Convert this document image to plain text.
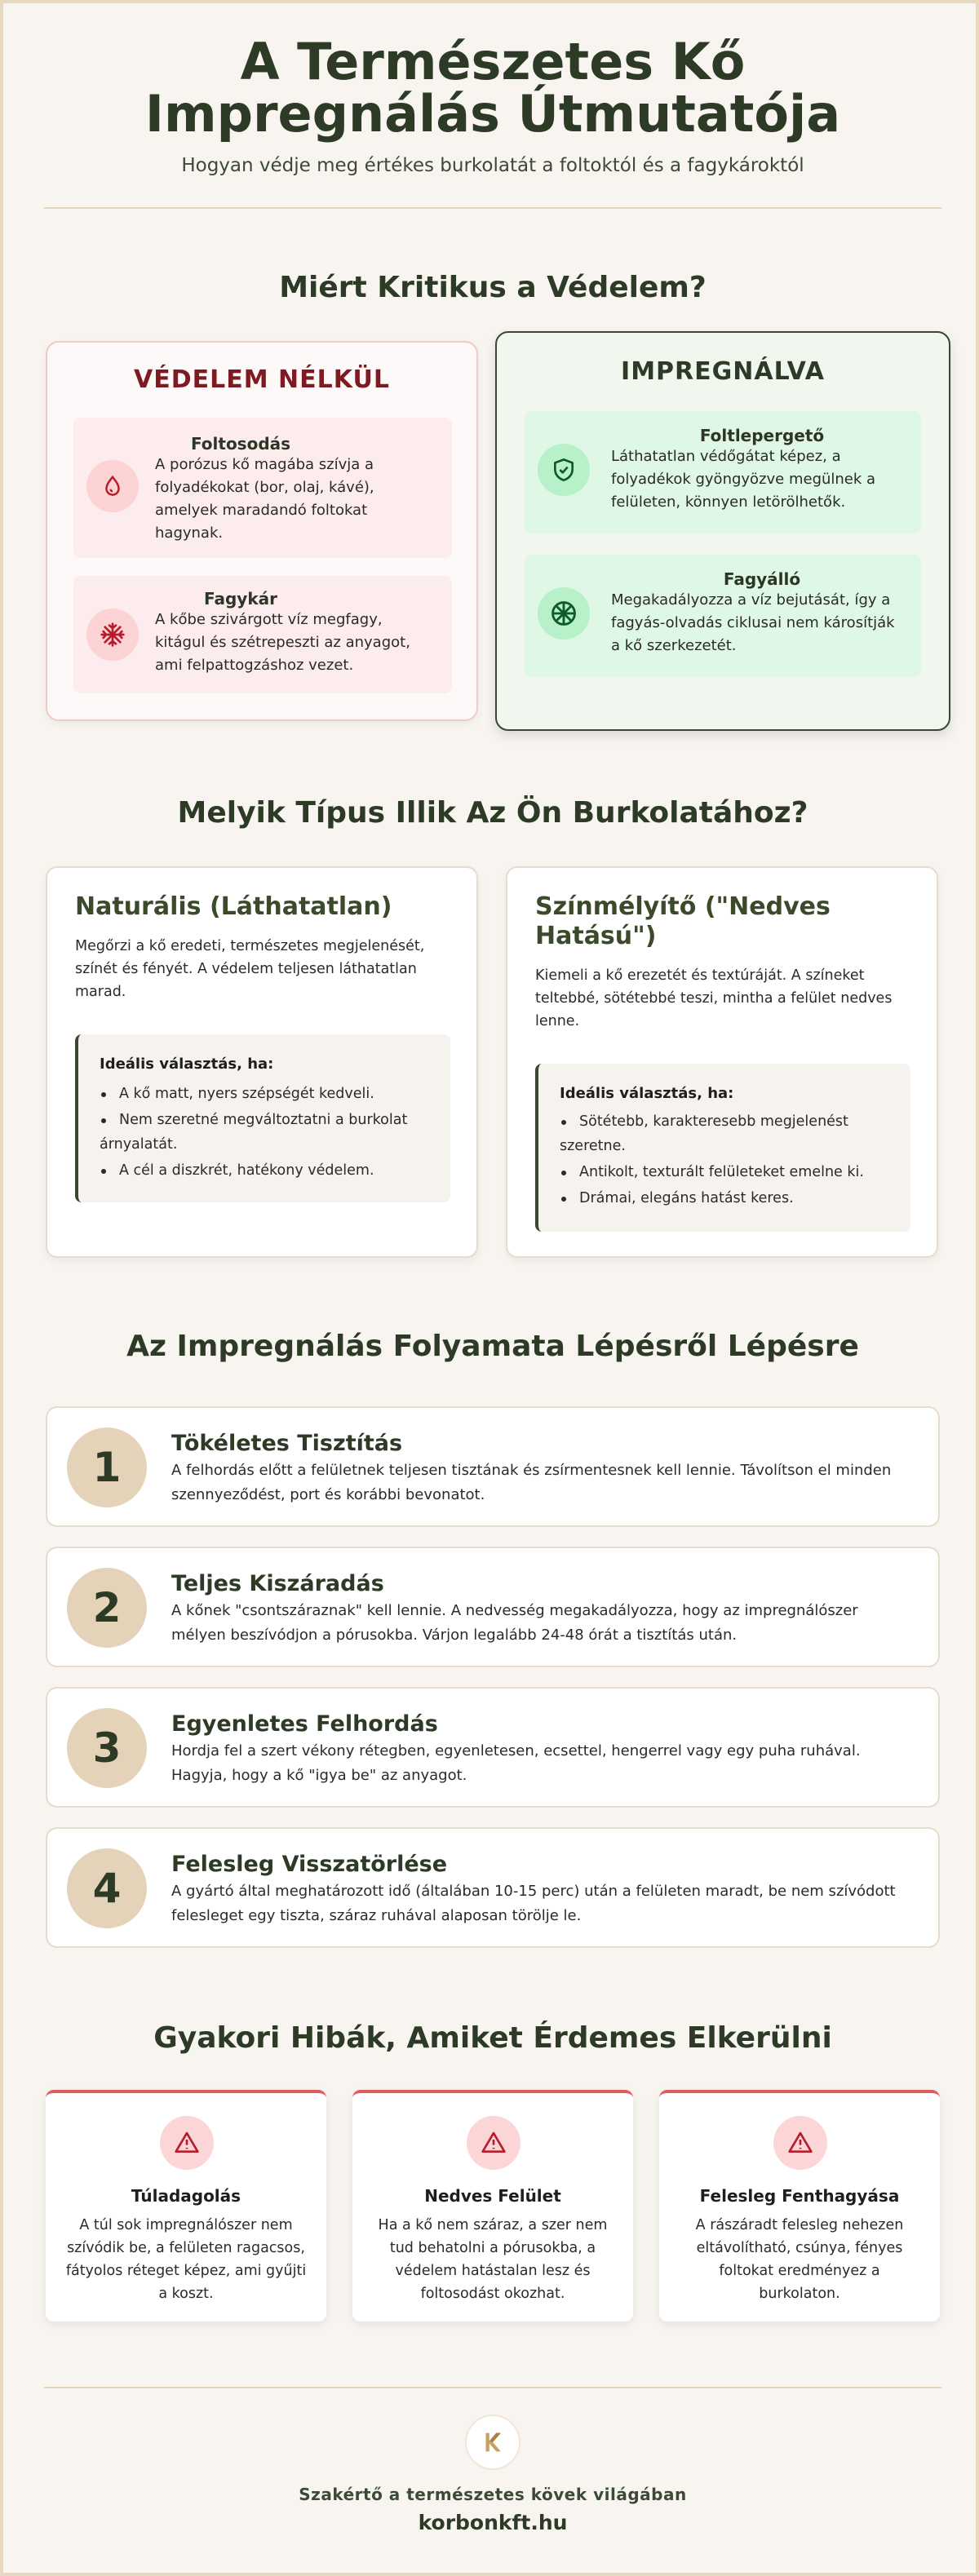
A Természetes Kő Impregnálás Útmutatója
Hogyan védje meg értékes burkolatát a foltoktól és a fagykároktól
Miért Kritikus a Védelem?
VÉDELEM NÉLKÜL
Foltosodás
A porózus kő magába szívja a folyadékokat (bor, olaj, kávé), amelyek maradandó foltokat hagynak.
Fagykár
A kőbe szivárgott víz megfagy, kitágul és szétrepeszti az anyagot, ami felpattogzáshoz vezet.
IMPREGNÁLVA
Foltlepergető
Láthatatlan védőgátat képez, a folyadékok gyöngyözve megülnek a felületen, könnyen letörölhetők.
Fagyálló
Megakadályozza a víz bejutását, így a fagyás-olvadás ciklusai nem károsítják a kő szerkezetét.
Melyik Típus Illik Az Ön Burkolatához?
Naturális (Láthatatlan)
Megőrzi a kő eredeti, természetes megjelenését, színét és fényét. A védelem teljesen láthatatlan marad.
Ideális választás, ha:
A kő matt, nyers szépségét kedveli.
Nem szeretné megváltoztatni a burkolat árnyalatát.
A cél a diszkrét, hatékony védelem.
Színmélyítő ("Nedves Hatású")
Kiemeli a kő erezetét és textúráját. A színeket teltebbé, sötétebbé teszi, mintha a felület nedves lenne.
Ideális választás, ha:
Sötétebb, karakteresebb megjelenést szeretne.
Antikolt, texturált felületeket emelne ki.
Drámai, elegáns hatást keres.
Az Impregnálás Folyamata Lépésről Lépésre
1
Tökéletes Tisztítás
A felhordás előtt a felületnek teljesen tisztának és zsírmentesnek kell lennie. Távolítson el minden szennyeződést, port és korábbi bevonatot.
2
Teljes Kiszáradás
A kőnek "csontszáraznak" kell lennie. A nedvesség megakadályozza, hogy az impregnálószer mélyen beszívódjon a pórusokba. Várjon legalább 24-48 órát a tisztítás után.
3
Egyenletes Felhordás
Hordja fel a szert vékony rétegben, egyenletesen, ecsettel, hengerrel vagy egy puha ruhával. Hagyja, hogy a kő "igya be" az anyagot.
4
Felesleg Visszatörlése
A gyártó által meghatározott idő (általában 10-15 perc) után a felületen maradt, be nem szívódott felesleget egy tiszta, száraz ruhával alaposan törölje le.
Gyakori Hibák, Amiket Érdemes Elkerülni
Túladagolás
A túl sok impregnálószer nem szívódik be, a felületen ragacsos, fátyolos réteget képez, ami gyűjti a koszt.
Nedves Felület
Ha a kő nem száraz, a szer nem tud behatolni a pórusokba, a védelem hatástalan lesz és foltosodást okozhat.
Felesleg Fenthagyása
A rászáradt felesleg nehezen eltávolítható, csúnya, fényes foltokat eredményez a burkolaton.
Szakértő a természetes kövek világában
korbonkft.hu
